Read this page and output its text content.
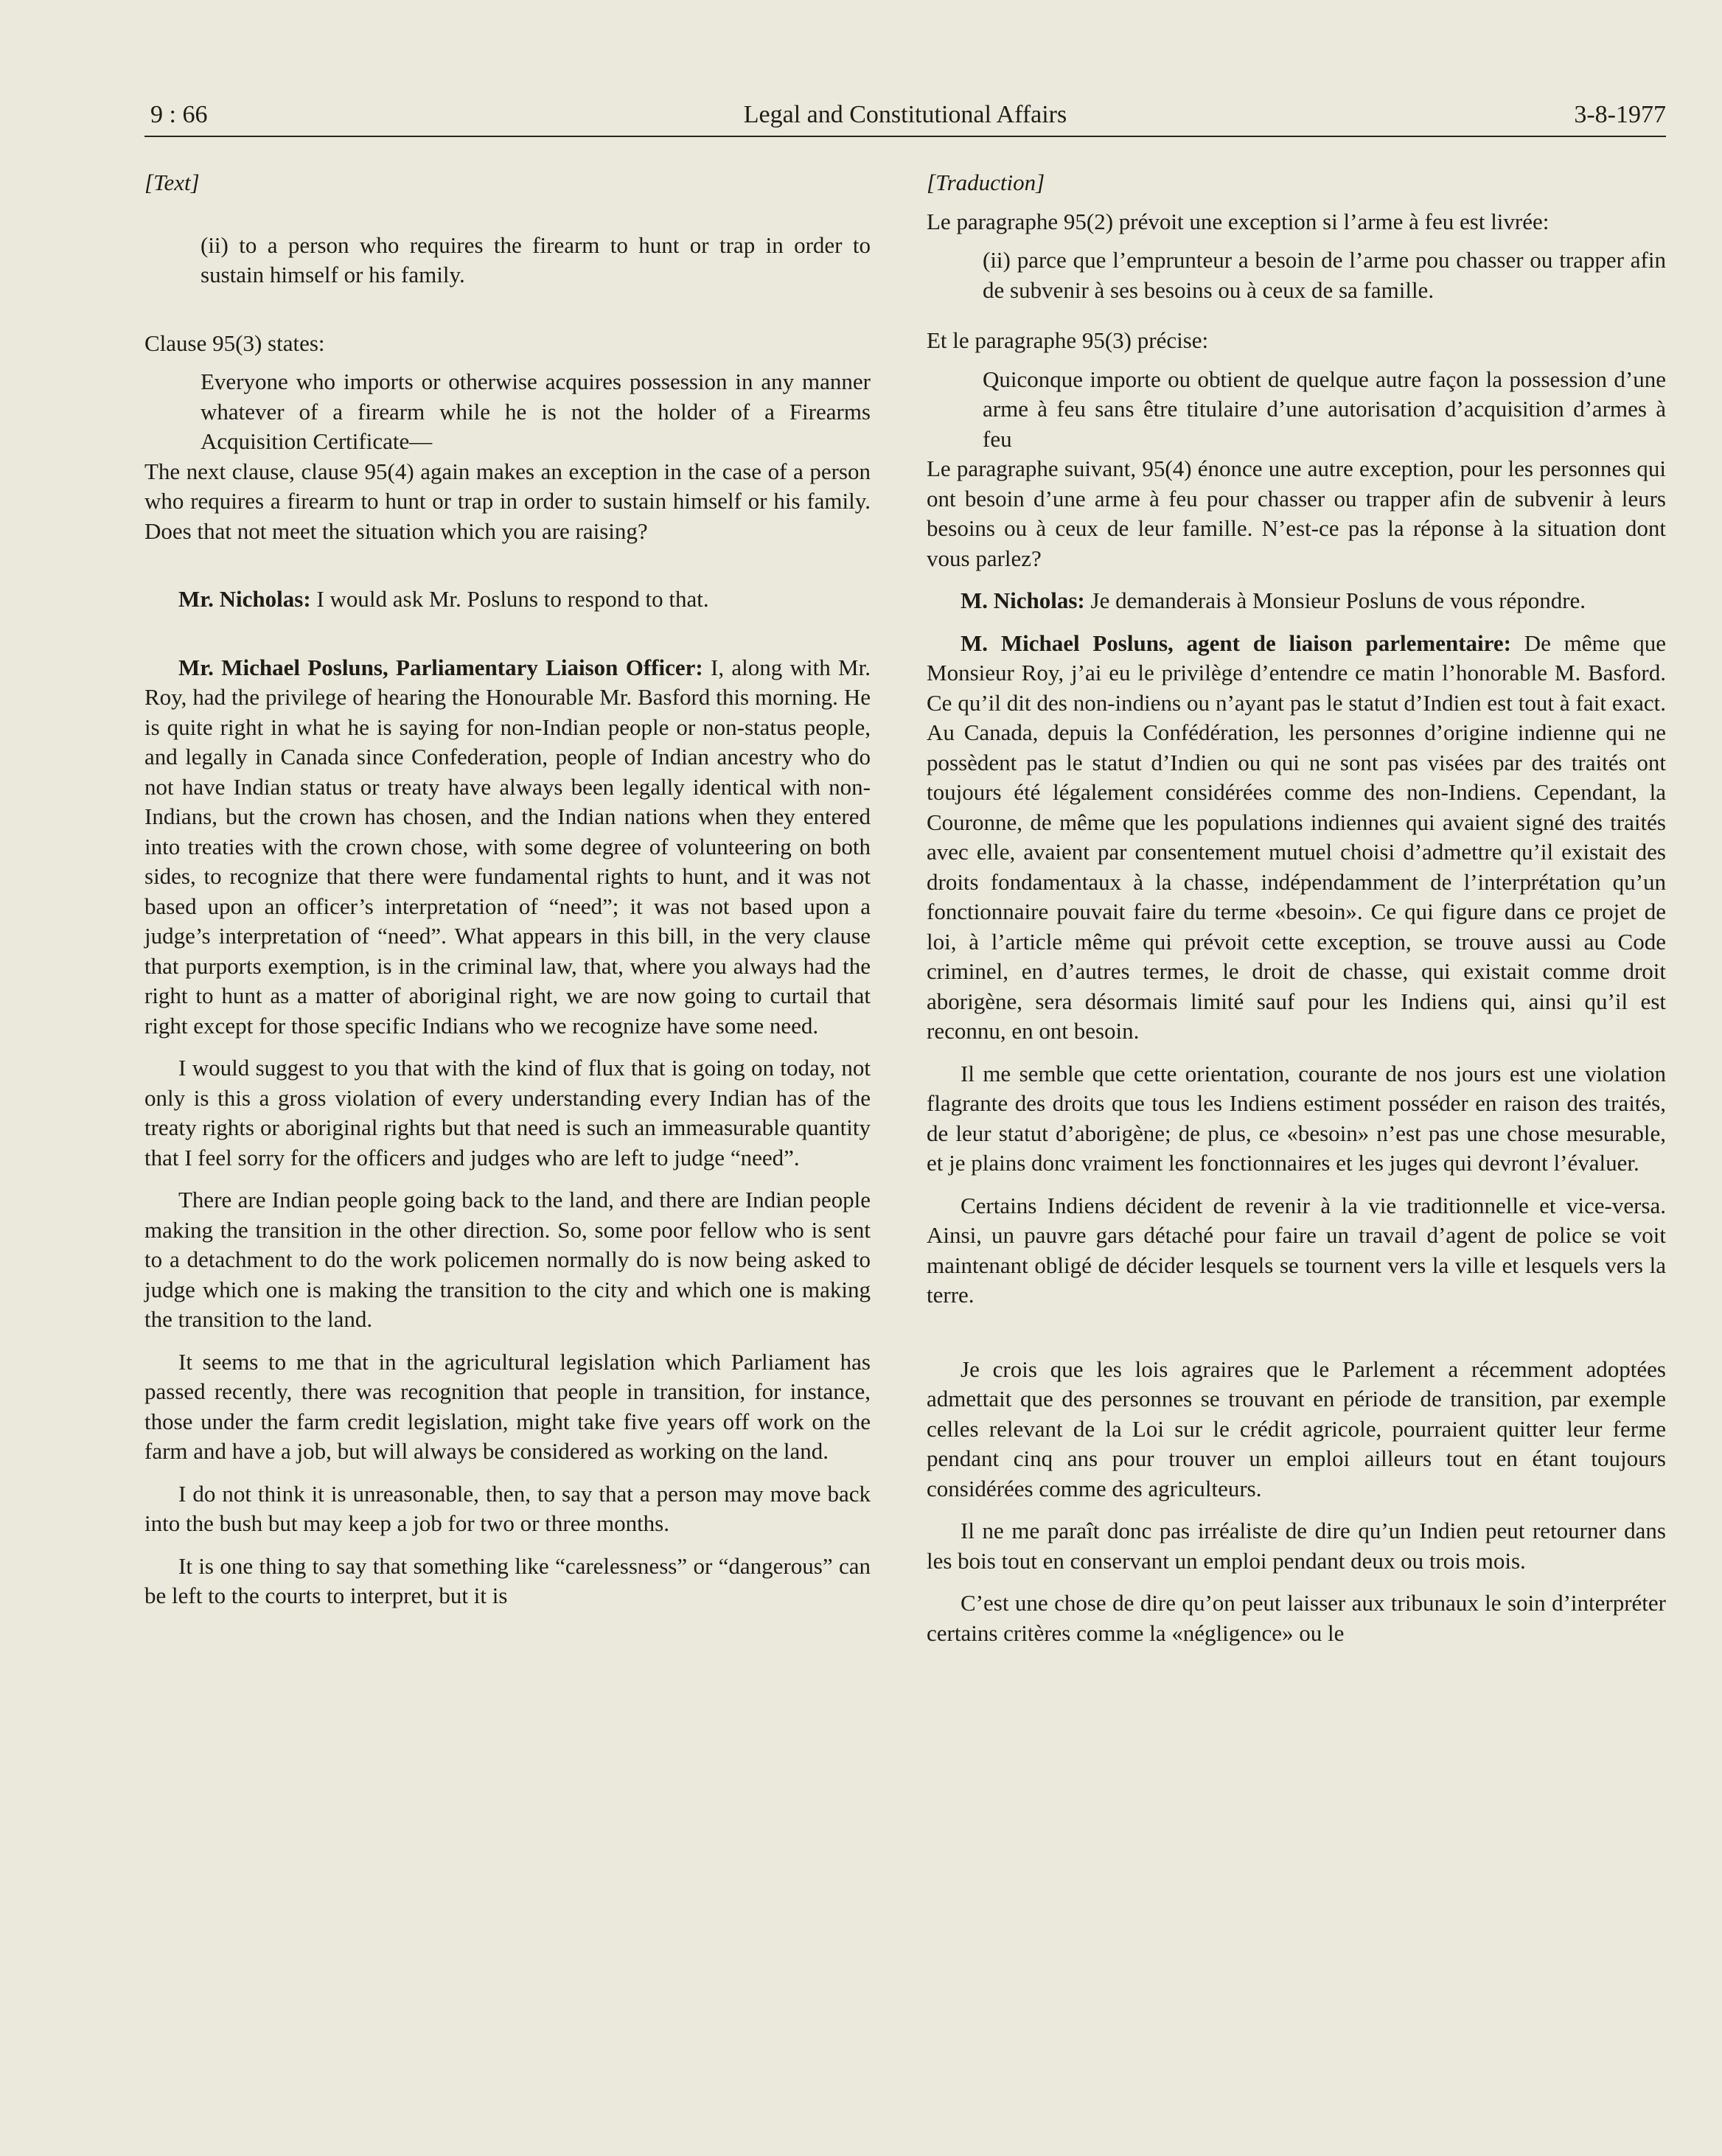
9 : 66	Legal and Constitutional Affairs	3-8-1977

[Text]

(ii) to a person who requires the firearm to hunt or trap in order to sustain himself or his family.

Clause 95(3) states:

Everyone who imports or otherwise acquires possession in any manner whatever of a firearm while he is not the holder of a Firearms Acquisition Certificate—

The next clause, clause 95(4) again makes an exception in the case of a person who requires a firearm to hunt or trap in order to sustain himself or his family. Does that not meet the situation which you are raising?

Mr. Nicholas: I would ask Mr. Posluns to respond to that.

Mr. Michael Posluns, Parliamentary Liaison Officer: I, along with Mr. Roy, had the privilege of hearing the Honourable Mr. Basford this morning. He is quite right in what he is saying for non-Indian people or non-status people, and legally in Canada since Confederation, people of Indian ancestry who do not have Indian status or treaty have always been legally identical with non-Indians, but the crown has chosen, and the Indian nations when they entered into treaties with the crown chose, with some degree of volunteering on both sides, to recognize that there were fundamental rights to hunt, and it was not based upon an officer’s interpretation of “need”; it was not based upon a judge’s interpretation of “need”. What appears in this bill, in the very clause that purports exemption, is in the criminal law, that, where you always had the right to hunt as a matter of aboriginal right, we are now going to curtail that right except for those specific Indians who we recognize have some need.

I would suggest to you that with the kind of flux that is going on today, not only is this a gross violation of every understanding every Indian has of the treaty rights or aboriginal rights but that need is such an immeasurable quantity that I feel sorry for the officers and judges who are left to judge “need”.

There are Indian people going back to the land, and there are Indian people making the transition in the other direction. So, some poor fellow who is sent to a detachment to do the work policemen normally do is now being asked to judge which one is making the transition to the city and which one is making the transition to the land.

It seems to me that in the agricultural legislation which Parliament has passed recently, there was recognition that people in transition, for instance, those under the farm credit legislation, might take five years off work on the farm and have a job, but will always be considered as working on the land.

I do not think it is unreasonable, then, to say that a person may move back into the bush but may keep a job for two or three months.

It is one thing to say that something like “carelessness” or “dangerous” can be left to the courts to interpret, but it is

[Traduction]

Le paragraphe 95(2) prévoit une exception si l’arme à feu est livrée:

(ii) parce que l’emprunteur a besoin de l’arme pou chasser ou trapper afin de subvenir à ses besoins ou à ceux de sa famille.

Et le paragraphe 95(3) précise:

Quiconque importe ou obtient de quelque autre façon la possession d’une arme à feu sans être titulaire d’une autorisation d’acquisition d’armes à feu

Le paragraphe suivant, 95(4) énonce une autre exception, pour les personnes qui ont besoin d’une arme à feu pour chasser ou trapper afin de subvenir à leurs besoins ou à ceux de leur famille. N’est-ce pas la réponse à la situation dont vous parlez?

M. Nicholas: Je demanderais à Monsieur Posluns de vous répondre.

M. Michael Posluns, agent de liaison parlementaire: De même que Monsieur Roy, j’ai eu le privilège d’entendre ce matin l’honorable M. Basford. Ce qu’il dit des non-indiens ou n’ayant pas le statut d’Indien est tout à fait exact. Au Canada, depuis la Confédération, les personnes d’origine indienne qui ne possèdent pas le statut d’Indien ou qui ne sont pas visées par des traités ont toujours été légalement considérées comme des non-Indiens. Cependant, la Couronne, de même que les populations indiennes qui avaient signé des traités avec elle, avaient par consentement mutuel choisi d’admettre qu’il existait des droits fondamentaux à la chasse, indépendamment de l’interprétation qu’un fonctionnaire pouvait faire du terme «besoin». Ce qui figure dans ce projet de loi, à l’article même qui prévoit cette exception, se trouve aussi au Code criminel, en d’autres termes, le droit de chasse, qui existait comme droit aborigène, sera désormais limité sauf pour les Indiens qui, ainsi qu’il est reconnu, en ont besoin.

Il me semble que cette orientation, courante de nos jours est une violation flagrante des droits que tous les Indiens estiment posséder en raison des traités, de leur statut d’aborigène; de plus, ce «besoin» n’est pas une chose mesurable, et je plains donc vraiment les fonctionnaires et les juges qui devront l’évaluer.

Certains Indiens décident de revenir à la vie traditionnelle et vice-versa. Ainsi, un pauvre gars détaché pour faire un travail d’agent de police se voit maintenant obligé de décider lesquels se tournent vers la ville et lesquels vers la terre.

Je crois que les lois agraires que le Parlement a récemment adoptées admettait que des personnes se trouvant en période de transition, par exemple celles relevant de la Loi sur le crédit agricole, pourraient quitter leur ferme pendant cinq ans pour trouver un emploi ailleurs tout en étant toujours considérées comme des agriculteurs.

Il ne me paraît donc pas irréaliste de dire qu’un Indien peut retourner dans les bois tout en conservant un emploi pendant deux ou trois mois.

C’est une chose de dire qu’on peut laisser aux tribunaux le soin d’interpréter certains critères comme la «négligence» ou le
